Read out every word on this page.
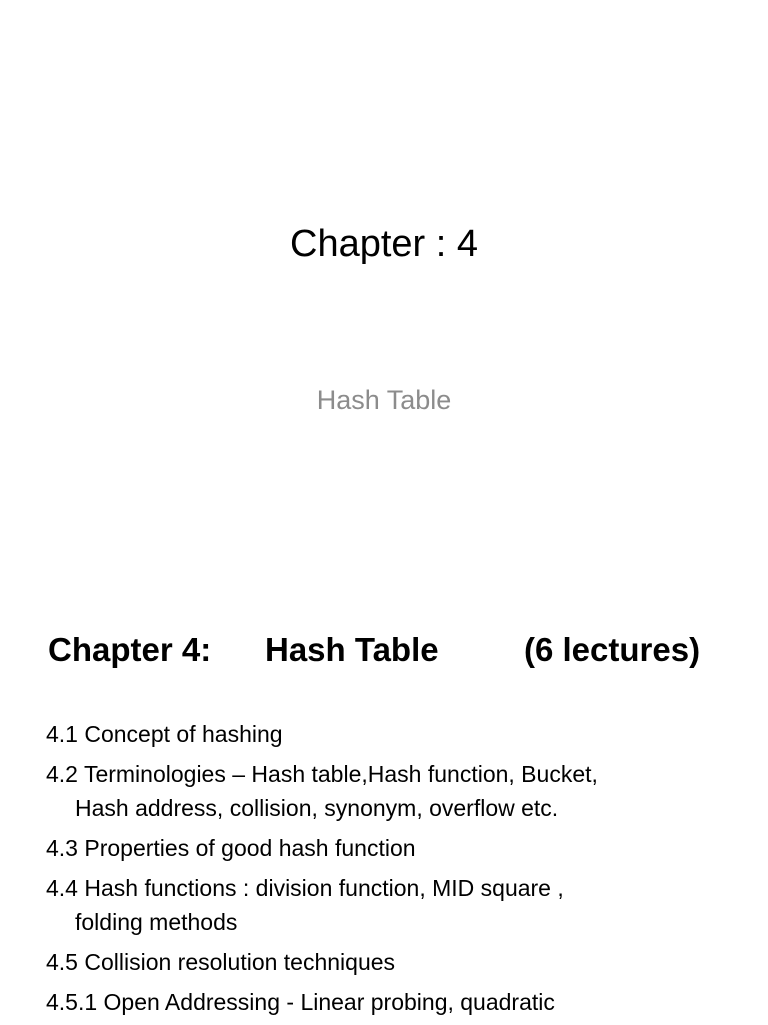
Chapter : 4
Hash Table
Chapter 4: Hash Table	(6 lectures)
4.1 Concept of hashing
4.2 Terminologies – Hash table,Hash function, Bucket,
Hash address, collision, synonym, overflow etc.
4.3 Properties of good hash function
4.4 Hash functions : division function, MID square ,
folding methods
4.5 Collision resolution techniques
4.5.1 Open Addressing - Linear probing, quadratic
